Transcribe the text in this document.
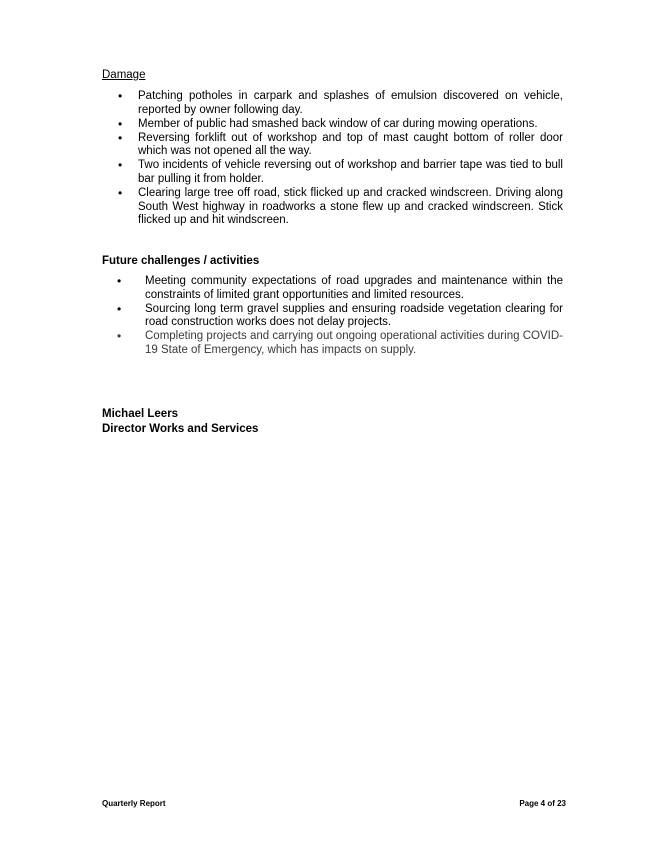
Damage
• Patching potholes in carpark and splashes of emulsion discovered on vehicle, reported by owner following day.
• Member of public had smashed back window of car during mowing operations.
• Reversing forklift out of workshop and top of mast caught bottom of roller door which was not opened all the way.
• Two incidents of vehicle reversing out of workshop and barrier tape was tied to bull bar pulling it from holder.
• Clearing large tree off road, stick flicked up and cracked windscreen. Driving along South West highway in roadworks a stone flew up and cracked windscreen. Stick flicked up and hit windscreen.
Future challenges / activities
• Meeting community expectations of road upgrades and maintenance within the constraints of limited grant opportunities and limited resources.
• Sourcing long term gravel supplies and ensuring roadside vegetation clearing for road construction works does not delay projects.
• Completing projects and carrying out ongoing operational activities during COVID-19 State of Emergency, which has impacts on supply.
Michael Leers
Director Works and Services
Quarterly Report	Page 4 of 23
